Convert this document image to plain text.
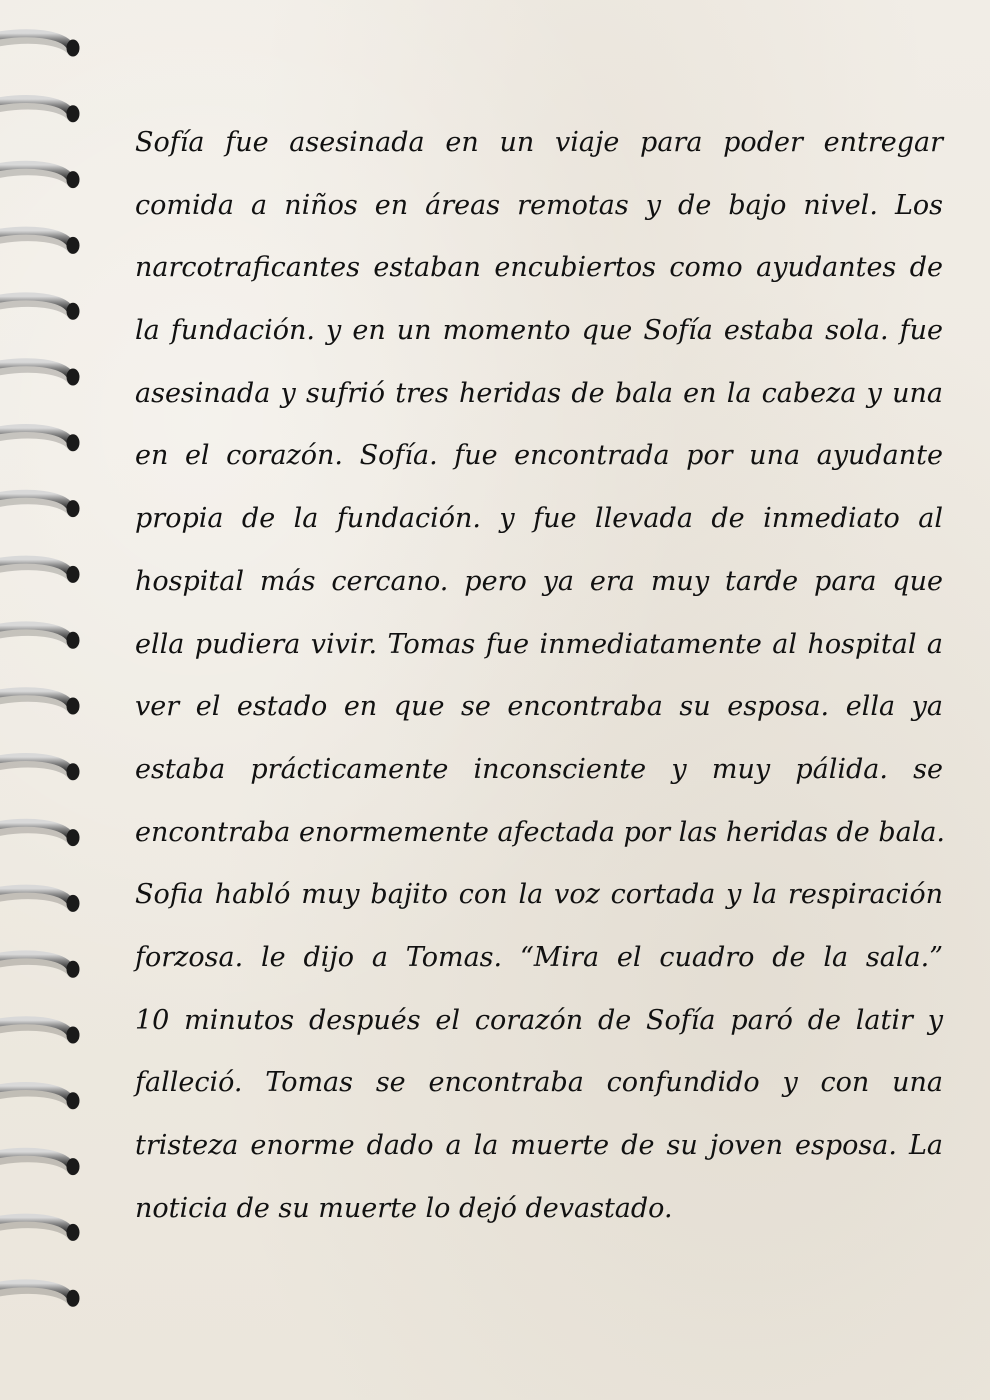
Sofía fue asesinada en un viaje para poder entregar
comida a niños en áreas remotas y de bajo nivel. Los
narcotraficantes estaban encubiertos como ayudantes de
la fundación. y en un momento que Sofía estaba sola. fue
asesinada y sufrió tres heridas de bala en la cabeza y una
en el corazón. Sofía. fue encontrada por una ayudante
propia de la fundación. y fue llevada de inmediato al
hospital más cercano. pero ya era muy tarde para que
ella pudiera vivir. Tomas fue inmediatamente al hospital a
ver el estado en que se encontraba su esposa. ella ya
estaba prácticamente inconsciente y muy pálida. se
encontraba enormemente afectada por las heridas de bala.
Sofia habló muy bajito con la voz cortada y la respiración
forzosa. le dijo a Tomas. “Mira el cuadro de la sala.”
10 minutos después el corazón de Sofía paró de latir y
falleció. Tomas se encontraba confundido y con una
tristeza enorme dado a la muerte de su joven esposa. La
noticia de su muerte lo dejó devastado.
